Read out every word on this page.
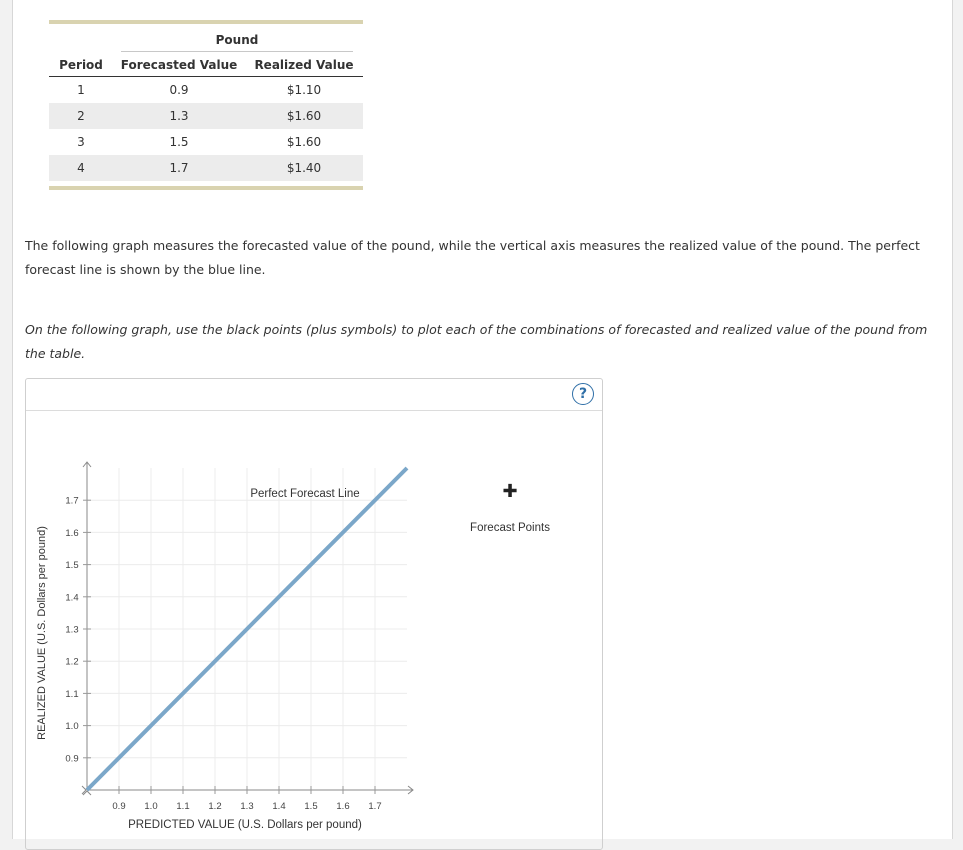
Pound
Period	Forecasted Value	Realized Value
1	0.9	$1.10
2	1.3	$1.60
3	1.5	$1.60
4	1.7	$1.40
The following graph measures the forecasted value of the pound, while the vertical axis measures the realized value of the pound. The perfect forecast line is shown by the blue line.
On the following graph, use the black points (plus symbols) to plot each of the combinations of forecasted and realized value of the pound from the table.
?
0.9 1.0 1.1 1.2 1.3 1.4 1.5 1.6 1.7
0.9
1.0
1.1
1.2
1.3
1.4
1.5
1.6
1.7
Perfect Forecast Line
PREDICTED VALUE (U.S. Dollars per pound)
REALIZED VALUE (U.S. Dollars per pound)
✚
Forecast Points
